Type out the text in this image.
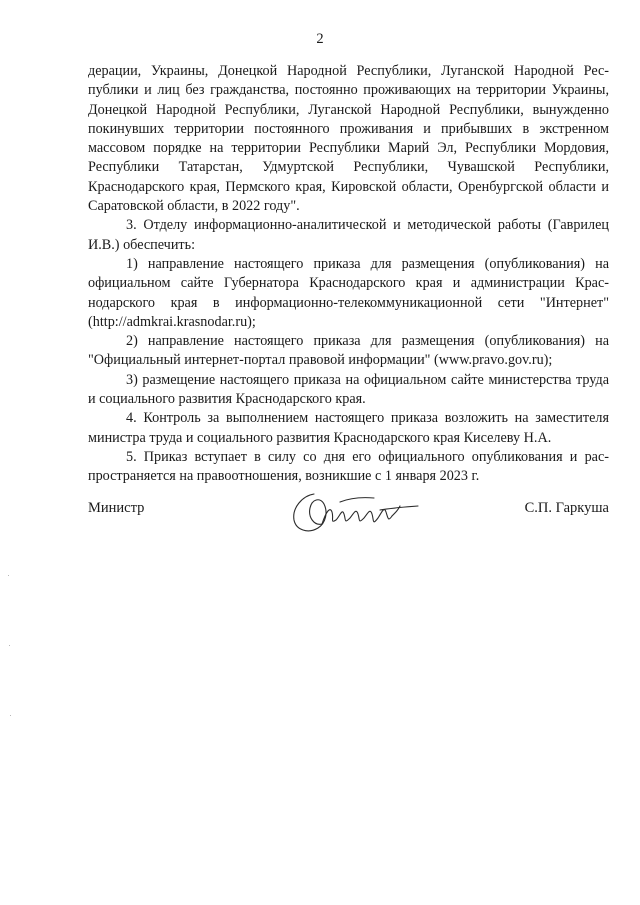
2

дерации, Украины, Донецкой Народной Республики, Луганской Народной Республики и лиц без гражданства, постоянно проживающих на территории Украины, Донецкой Народной Республики, Луганской Народной Республики, вынужденно покинувших территории постоянного проживания и прибывших в экстренном массовом порядке на территории Республики Марий Эл, Республики Мордовия, Республики Татарстан, Удмуртской Республики, Чувашской Республики, Краснодарского края, Пермского края, Кировской области, Оренбургской области и Саратовской области, в 2022 году".

3. Отделу информационно-аналитической и методической работы (Гаврилец И.В.) обеспечить:

1) направление настоящего приказа для размещения (опубликования) на официальном сайте Губернатора Краснодарского края и администрации Краснодарского края в информационно-телекоммуникационной сети "Интернет" (http://admkrai.krasnodar.ru);

2) направление настоящего приказа для размещения (опубликования) на "Официальный интернет-портал правовой информации" (www.pravo.gov.ru);

3) размещение настоящего приказа на официальном сайте министерства труда и социального развития Краснодарского края.

4. Контроль за выполнением настоящего приказа возложить на заместителя министра труда и социального развития Краснодарского края Киселеву Н.А.

5. Приказ вступает в силу со дня его официального опубликования и распространяется на правоотношения, возникшие с 1 января 2023 г.

Министр	С.П. Гаркуша
